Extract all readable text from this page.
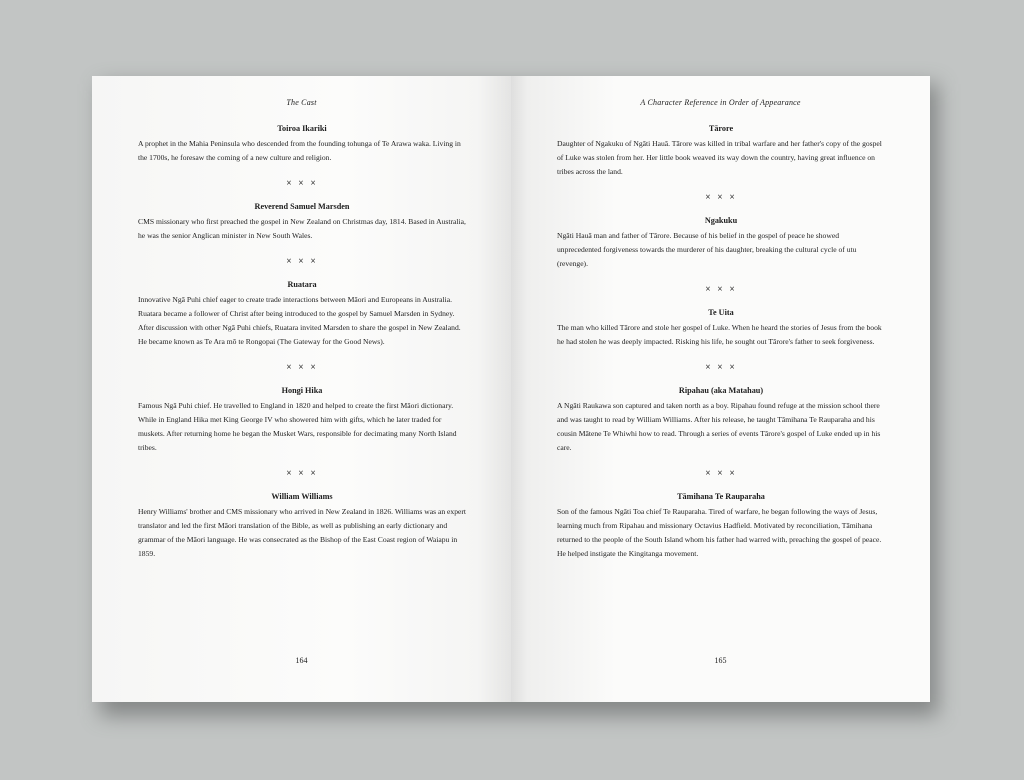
The Cast
Toiroa Ikariki

A prophet in the Mahia Peninsula who descended from the founding tohunga of Te Arawa waka. Living in the 1700s, he foresaw the coming of a new culture and religion.

× × ×
Reverend Samuel Marsden

CMS missionary who first preached the gospel in New Zealand on Christmas day, 1814. Based in Australia, he was the senior Anglican minister in New South Wales.

× × ×
Ruatara

Innovative Ngā Puhi chief eager to create trade interactions between Māori and Europeans in Australia. Ruatara became a follower of Christ after being introduced to the gospel by Samuel Marsden in Sydney. After discussion with other Ngā Puhi chiefs, Ruatara invited Marsden to share the gospel in New Zealand. He became known as Te Ara mō te Rongopai (The Gateway for the Good News).

× × ×
Hongi Hika

Famous Ngā Puhi chief. He travelled to England in 1820 and helped to create the first Māori dictionary. While in England Hika met King George IV who showered him with gifts, which he later traded for muskets. After returning home he began the Musket Wars, responsible for decimating many North Island tribes.

× × ×
William Williams

Henry Williams' brother and CMS missionary who arrived in New Zealand in 1826. Williams was an expert translator and led the first Māori translation of the Bible, as well as publishing an early dictionary and grammar of the Māori language. He was consecrated as the Bishop of the East Coast region of Waiapu in 1859.

164
A Character Reference in Order of Appearance
Tārore

Daughter of Ngakuku of Ngāti Hauā. Tārore was killed in tribal warfare and her father's copy of the gospel of Luke was stolen from her. Her little book weaved its way down the country, having great influence on tribes across the land.

× × ×
Ngakuku

Ngāti Hauā man and father of Tārore. Because of his belief in the gospel of peace he showed unprecedented forgiveness towards the murderer of his daughter, breaking the cultural cycle of utu (revenge).

× × ×
Te Uita

The man who killed Tārore and stole her gospel of Luke. When he heard the stories of Jesus from the book he had stolen he was deeply impacted. Risking his life, he sought out Tārore's father to seek forgiveness.

× × ×
Ripahau (aka Matahau)

A Ngāti Raukawa son captured and taken north as a boy. Ripahau found refuge at the mission school there and was taught to read by William Williams. After his release, he taught Tāmihana Te Rauparaha and his cousin Mātene Te Whiwhi how to read. Through a series of events Tārore's gospel of Luke ended up in his care.

× × ×
Tāmihana Te Rauparaha

Son of the famous Ngāti Toa chief Te Rauparaha. Tired of warfare, he began following the ways of Jesus, learning much from Ripahau and missionary Octavius Hadfield. Motivated by reconciliation, Tāmihana returned to the people of the South Island whom his father had warred with, preaching the gospel of peace. He helped instigate the Kingitanga movement.

165
